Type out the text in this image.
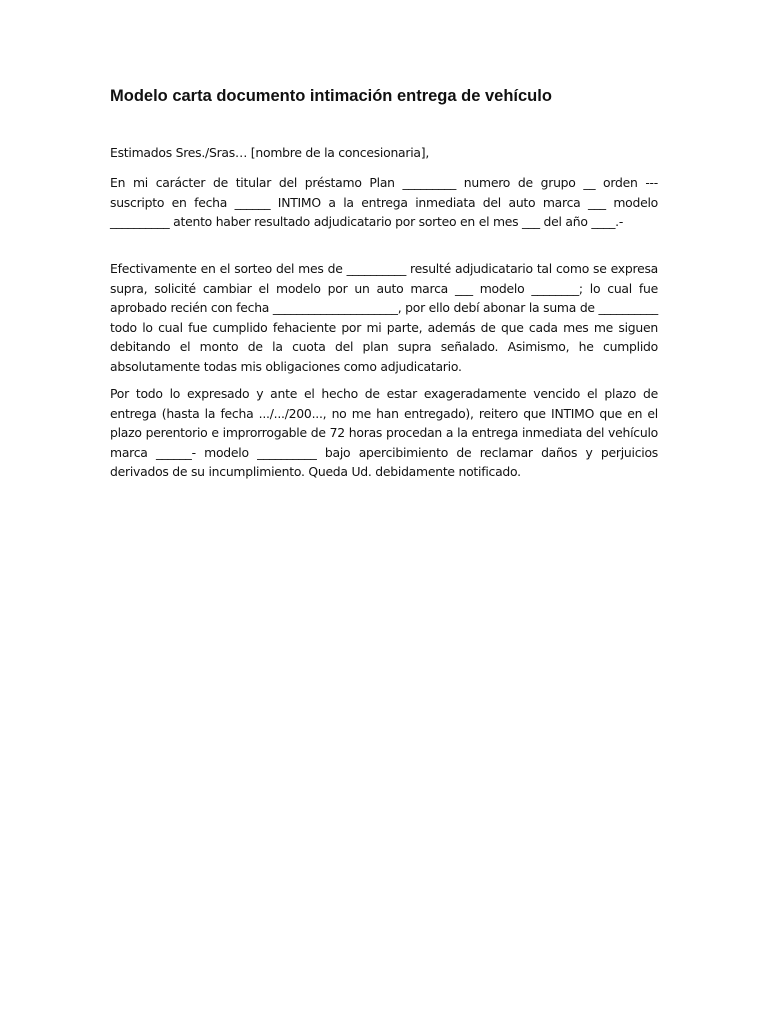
Modelo carta documento intimación entrega de vehículo

Estimados Sres./Sras… [nombre de la concesionaria],

En mi carácter de titular del préstamo Plan _________ numero de grupo __ orden --- suscripto en fecha ______ INTIMO a la entrega inmediata del auto marca ___ modelo __________ atento haber resultado adjudicatario por sorteo en el mes ___ del año ____.-

Efectivamente en el sorteo del mes de __________ resulté adjudicatario tal como se expresa supra, solicité cambiar el modelo por un auto marca ___ modelo ________; lo cual fue aprobado recién con fecha _____________________, por ello debí abonar la suma de __________ todo lo cual fue cumplido fehaciente por mi parte, además de que cada mes me siguen debitando el monto de la cuota del plan supra señalado. Asimismo, he cumplido absolutamente todas mis obligaciones como adjudicatario.

Por todo lo expresado y ante el hecho de estar exageradamente vencido el plazo de entrega (hasta la fecha .../.../200..., no me han entregado), reitero que INTIMO que en el plazo perentorio e improrrogable de 72 horas procedan a la entrega inmediata del vehículo marca ______- modelo __________ bajo apercibimiento de reclamar daños y perjuicios derivados de su incumplimiento. Queda Ud. debidamente notificado.
